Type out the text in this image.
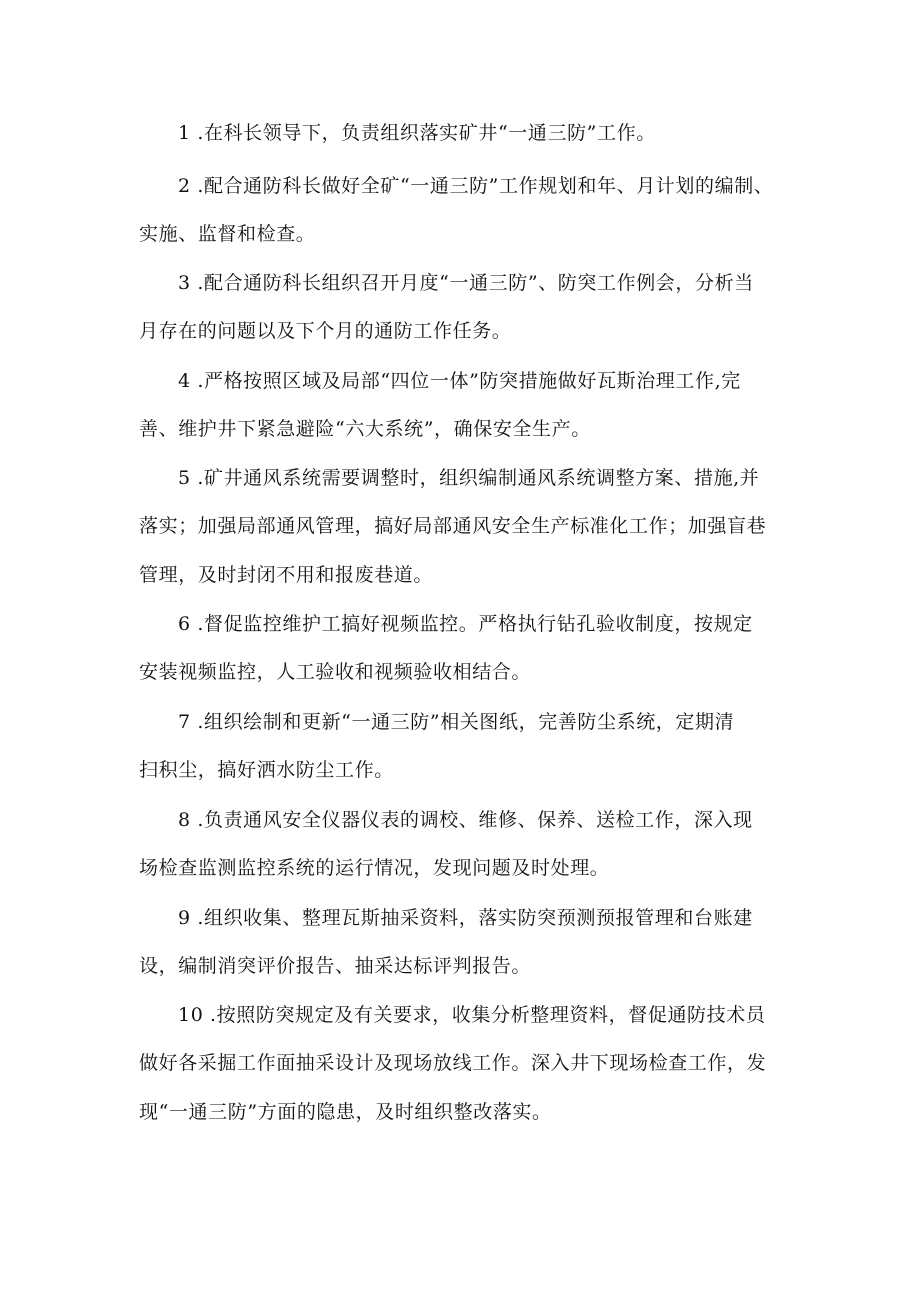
1 .在科长领导下，负责组织落实矿井“一通三防”工作。
2 .配合通防科长做好全矿“一通三防”工作规划和年、月计划的编制、
实施、监督和检查。
3 .配合通防科长组织召开月度“一通三防”、防突工作例会，分析当
月存在的问题以及下个月的通防工作任务。
4 .严格按照区域及局部“四位一体”防突措施做好瓦斯治理工作,完
善、维护井下紧急避险“六大系统”，确保安全生产。
5 .矿井通风系统需要调整时，组织编制通风系统调整方案、措施,并
落实；加强局部通风管理，搞好局部通风安全生产标准化工作；加强盲巷
管理，及时封闭不用和报废巷道。
6 .督促监控维护工搞好视频监控。严格执行钻孔验收制度，按规定
安装视频监控，人工验收和视频验收相结合。
7 .组织绘制和更新“一通三防”相关图纸，完善防尘系统，定期清
扫积尘，搞好洒水防尘工作。
8 .负责通风安全仪器仪表的调校、维修、保养、送检工作，深入现
场检查监测监控系统的运行情况，发现问题及时处理。
9 .组织收集、整理瓦斯抽采资料，落实防突预测预报管理和台账建
设，编制消突评价报告、抽采达标评判报告。
10 .按照防突规定及有关要求，收集分析整理资料，督促通防技术员
做好各采掘工作面抽采设计及现场放线工作。深入井下现场检查工作，发
现“一通三防”方面的隐患，及时组织整改落实。
